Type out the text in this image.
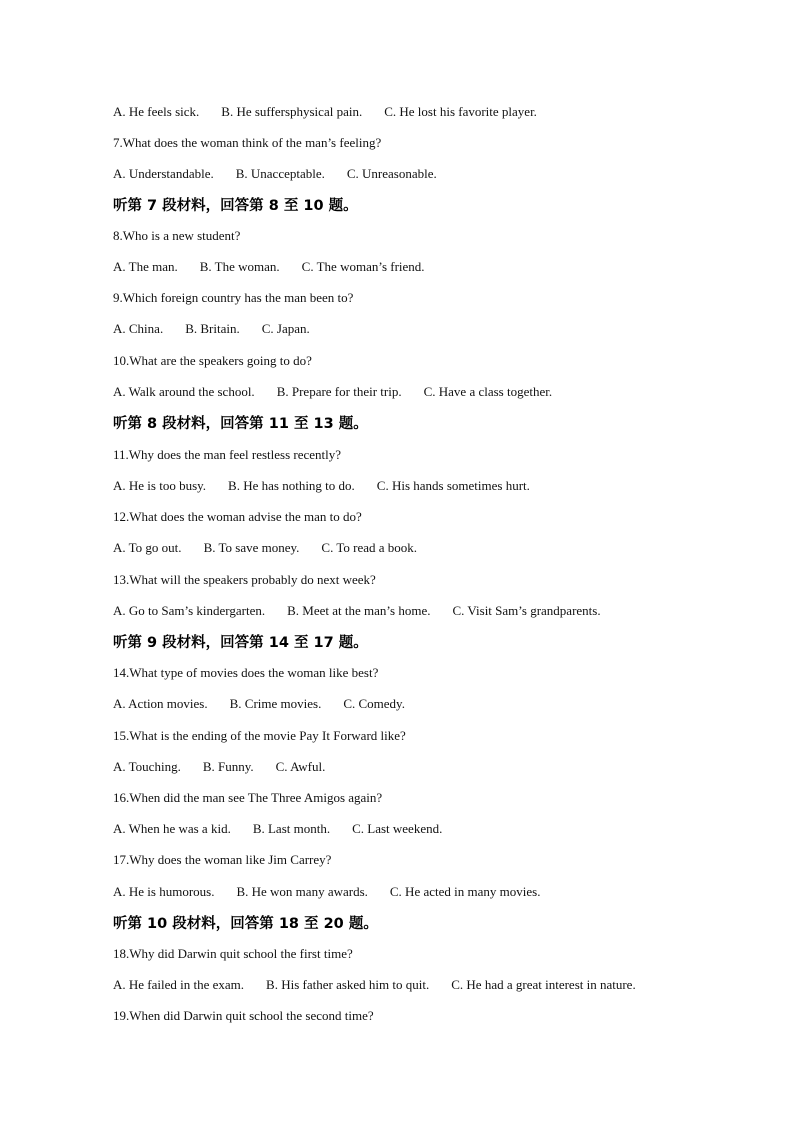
A. He feels sick. B. He suffersphysical pain. C. He lost his favorite player.
7.What does the woman think of the man’s feeling?
A. Understandable. B. Unacceptable. C. Unreasonable.
听第 7 段材料，回答第 8 至 10 题。
8.Who is a new student?
A. The man. B. The woman. C. The woman’s friend.
9.Which foreign country has the man been to?
A. China. B. Britain. C. Japan.
10.What are the speakers going to do?
A. Walk around the school. B. Prepare for their trip. C. Have a class together.
听第 8 段材料，回答第 11 至 13 题。
11.Why does the man feel restless recently?
A. He is too busy. B. He has nothing to do. C. His hands sometimes hurt.
12.What does the woman advise the man to do?
A. To go out. B. To save money. C. To read a book.
13.What will the speakers probably do next week?
A. Go to Sam’s kindergarten. B. Meet at the man’s home. C. Visit Sam’s grandparents.
听第 9 段材料，回答第 14 至 17 题。
14.What type of movies does the woman like best?
A. Action movies. B. Crime movies. C. Comedy.
15.What is the ending of the movie Pay It Forward like?
A. Touching. B. Funny. C. Awful.
16.When did the man see The Three Amigos again?
A. When he was a kid. B. Last month. C. Last weekend.
17.Why does the woman like Jim Carrey?
A. He is humorous. B. He won many awards. C. He acted in many movies.
听第 10 段材料，回答第 18 至 20 题。
18.Why did Darwin quit school the first time?
A. He failed in the exam. B. His father asked him to quit. C. He had a great interest in nature.
19.When did Darwin quit school the second time?
